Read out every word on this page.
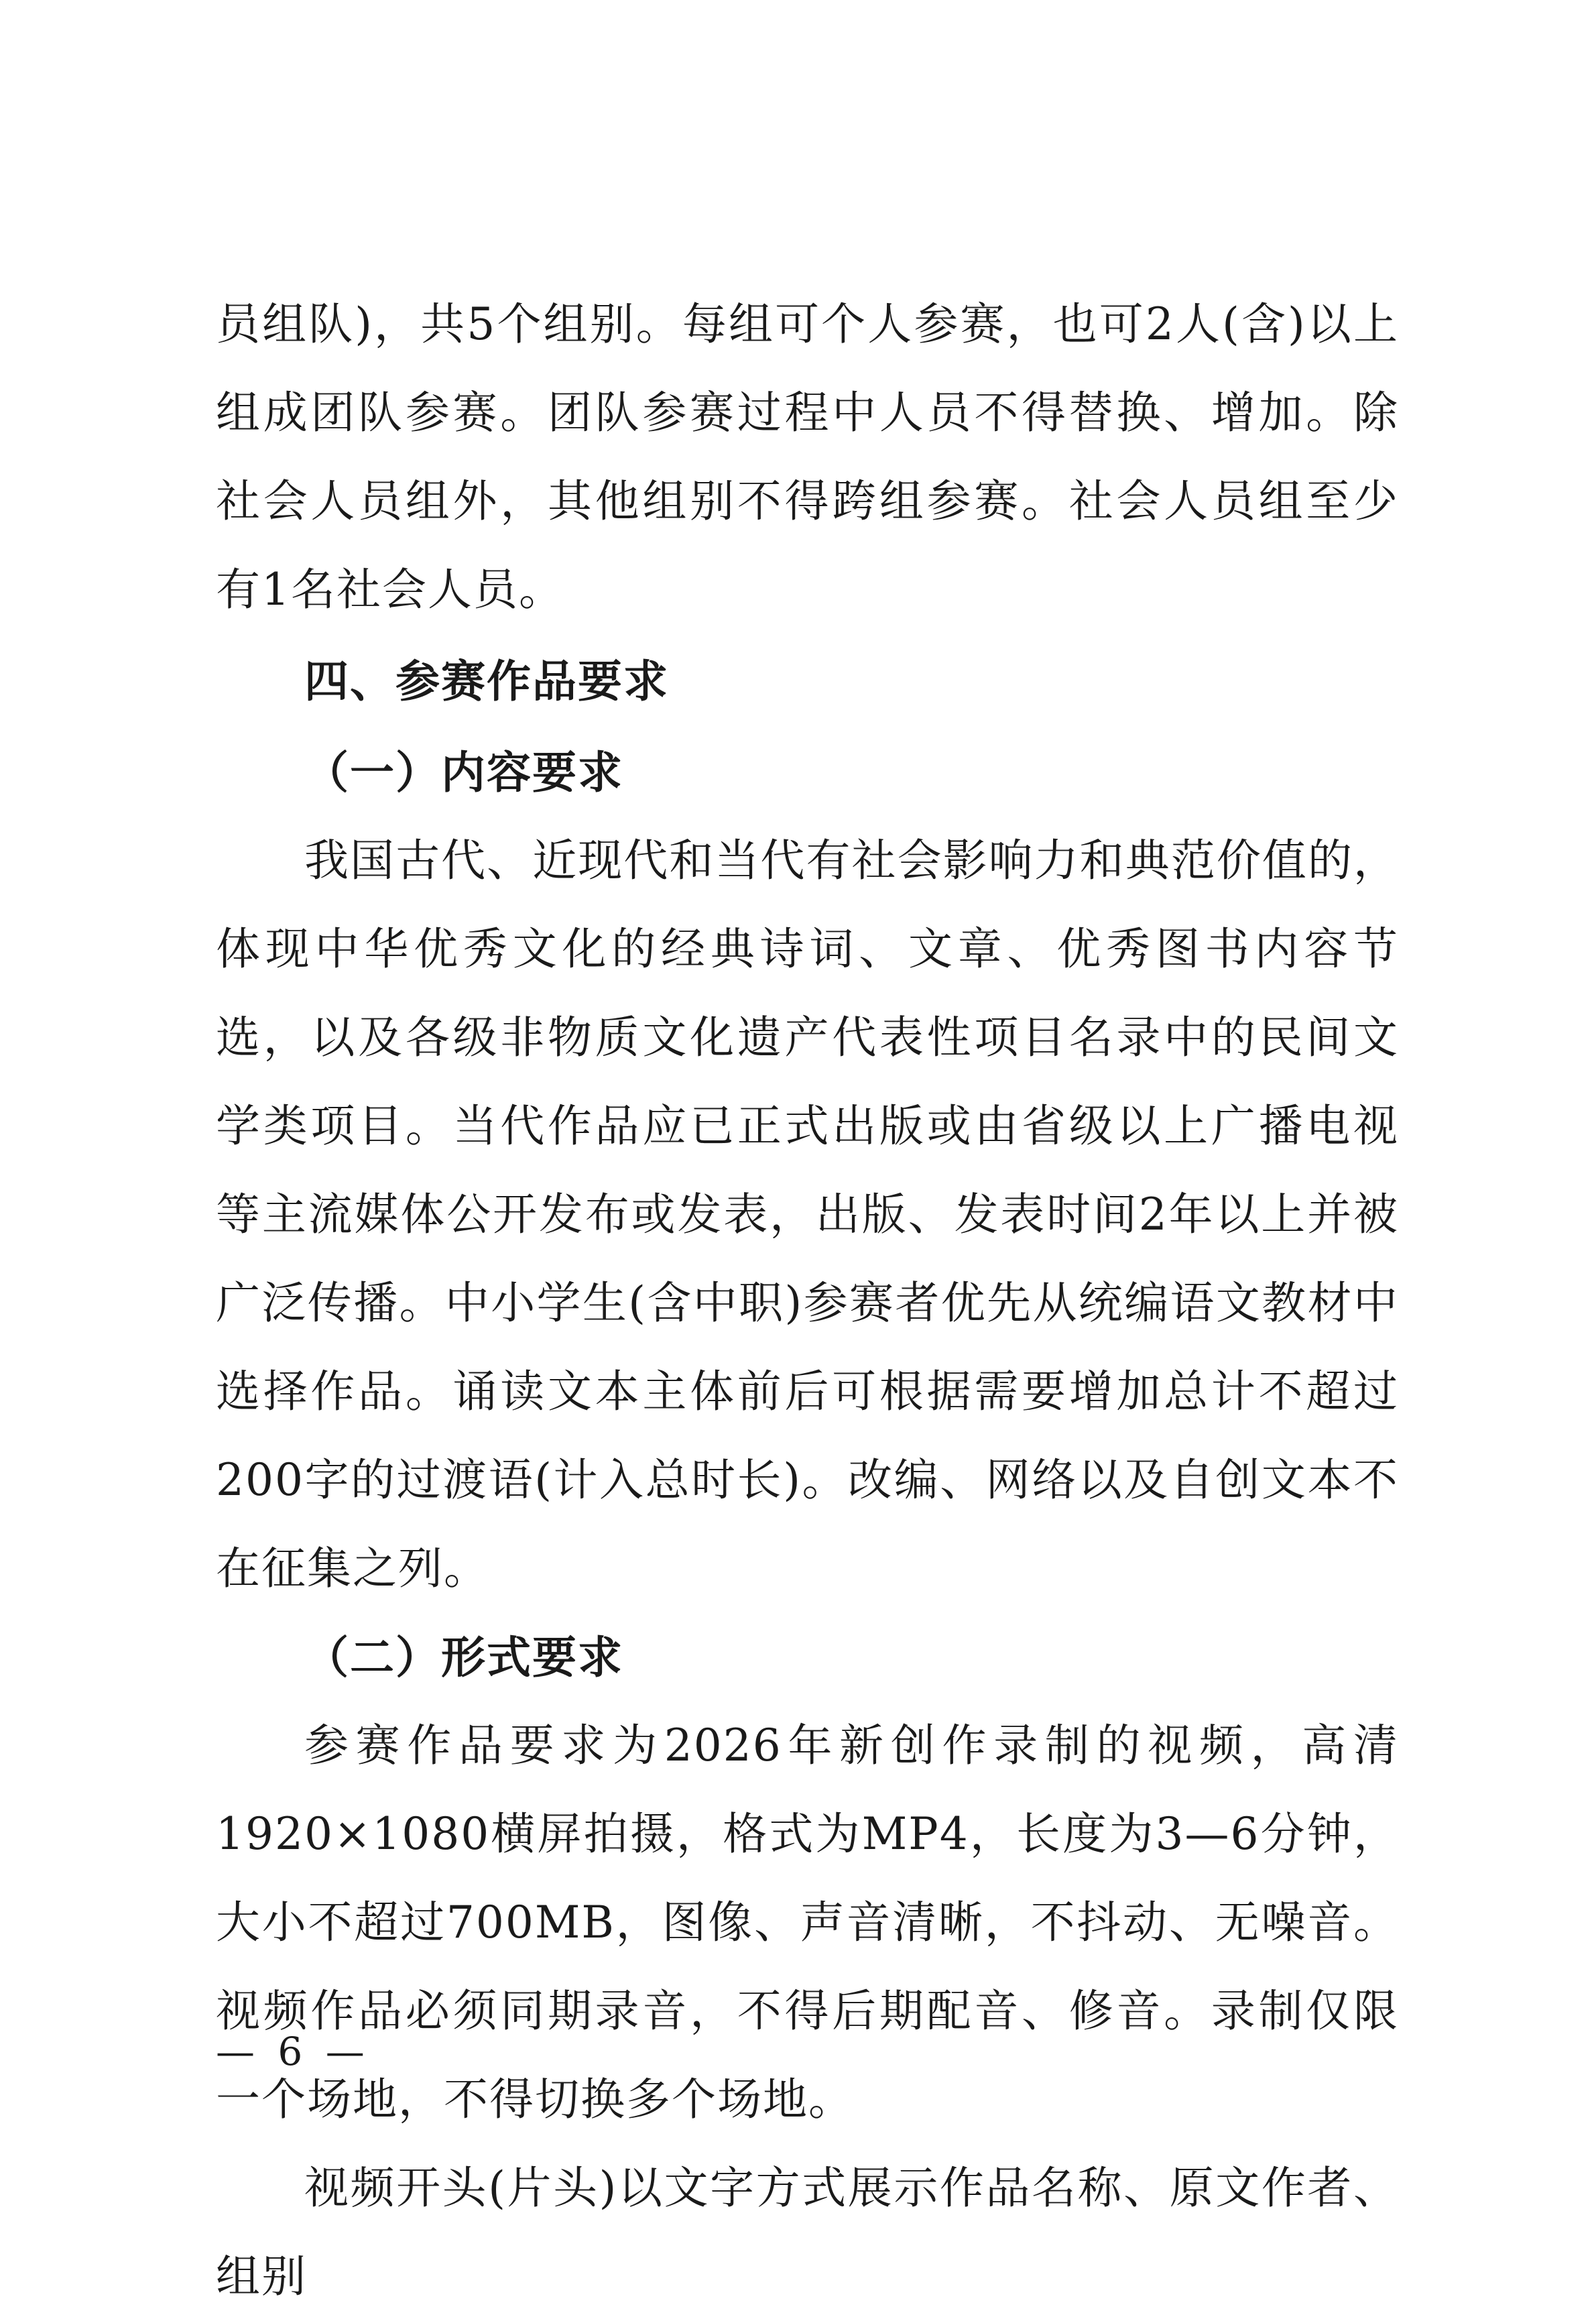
员组队)，共5个组别。每组可个人参赛，也可2人(含)以上组成团队参赛。团队参赛过程中人员不得替换、增加。除社会人员组外，其他组别不得跨组参赛。社会人员组至少有1名社会人员。

四、参赛作品要求

（一）内容要求

我国古代、近现代和当代有社会影响力和典范价值的，体现中华优秀文化的经典诗词、文章、优秀图书内容节选，以及各级非物质文化遗产代表性项目名录中的民间文学类项目。当代作品应已正式出版或由省级以上广播电视等主流媒体公开发布或发表，出版、发表时间2年以上并被广泛传播。中小学生(含中职)参赛者优先从统编语文教材中选择作品。诵读文本主体前后可根据需要增加总计不超过200字的过渡语(计入总时长)。改编、网络以及自创文本不在征集之列。

（二）形式要求

参赛作品要求为2026年新创作录制的视频，高清1920×1080横屏拍摄，格式为MP4，长度为3—6分钟，大小不超过700MB，图像、声音清晰，不抖动、无噪音。视频作品必须同期录音，不得后期配音、修音。录制仅限一个场地，不得切换多个场地。

视频开头(片头)以文字方式展示作品名称、原文作者、组别

— 6 —
